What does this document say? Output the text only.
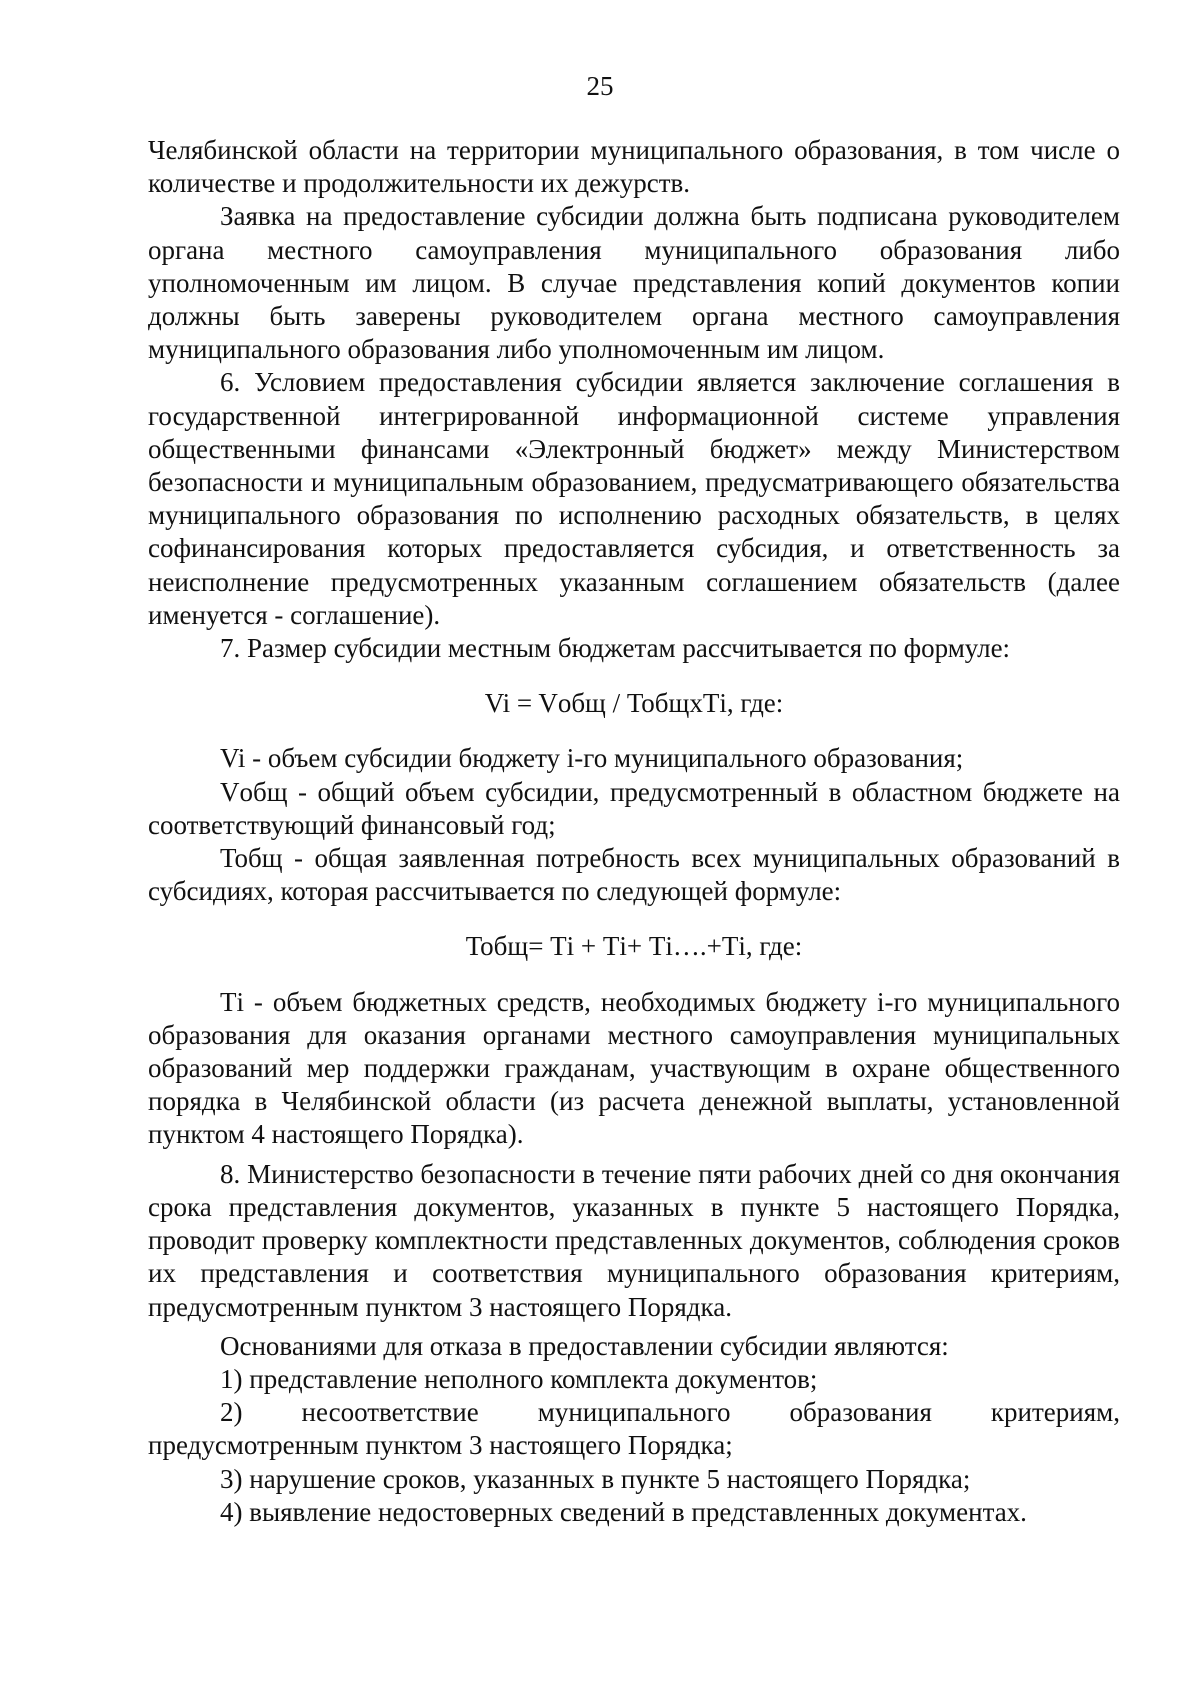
25

Челябинской области на территории муниципального образования, в том числе о количестве и продолжительности их дежурств.

Заявка на предоставление субсидии должна быть подписана руководителем органа местного самоуправления муниципального образования либо уполномоченным им лицом. В случае представления копий документов копии должны быть заверены руководителем органа местного самоуправления муниципального образования либо уполномоченным им лицом.

6. Условием предоставления субсидии является заключение соглашения в государственной интегрированной информационной системе управления общественными финансами «Электронный бюджет» между Министерством безопасности и муниципальным образованием, предусматривающего обязательства муниципального образования по исполнению расходных обязательств, в целях софинансирования которых предоставляется субсидия, и ответственность за неисполнение предусмотренных указанным соглашением обязательств (далее именуется - соглашение).

7. Размер субсидии местным бюджетам рассчитывается по формуле:

Vi = Vобщ / ТобщxТi, где:

Vi - объем субсидии бюджету i-го муниципального образования;

Vобщ - общий объем субсидии, предусмотренный в областном бюджете на соответствующий финансовый год;

Тобщ - общая заявленная потребность всех муниципальных образований в субсидиях, которая рассчитывается по следующей формуле:

Тобщ= Тi + Тi+ Тi….+Тi, где:

Тi - объем бюджетных средств, необходимых бюджету i-го муниципального образования для оказания органами местного самоуправления муниципальных образований мер поддержки гражданам, участвующим в охране общественного порядка в Челябинской области (из расчета денежной выплаты, установленной пунктом 4 настоящего Порядка).

8. Министерство безопасности в течение пяти рабочих дней со дня окончания срока представления документов, указанных в пункте 5 настоящего Порядка, проводит проверку комплектности представленных документов, соблюдения сроков их представления и соответствия муниципального образования критериям, предусмотренным пунктом 3 настоящего Порядка.

Основаниями для отказа в предоставлении субсидии являются:

1) представление неполного комплекта документов;

2) несоответствие муниципального образования критериям, предусмотренным пунктом 3 настоящего Порядка;

3) нарушение сроков, указанных в пункте 5 настоящего Порядка;

4) выявление недостоверных сведений в представленных документах.
